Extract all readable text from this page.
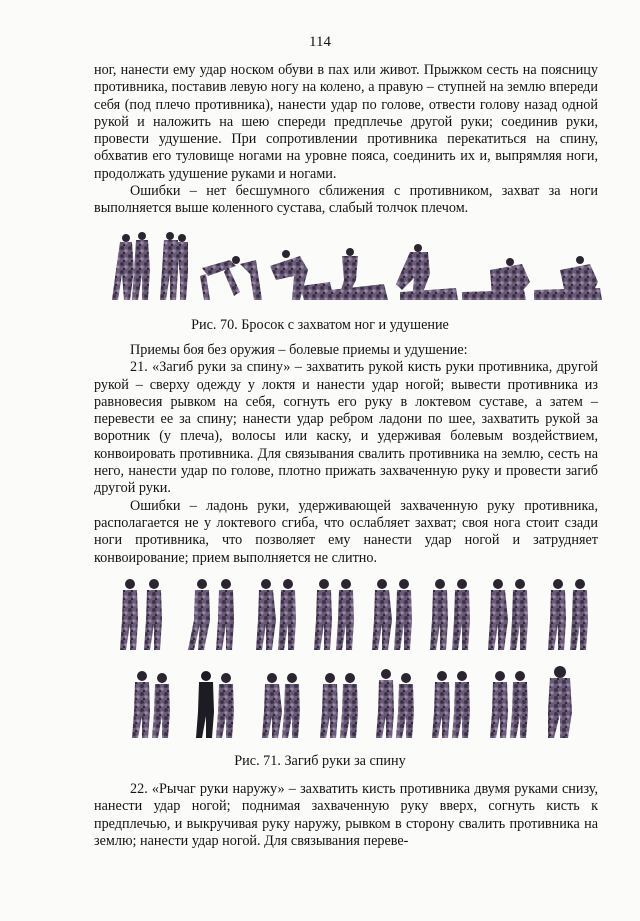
114

ног, нанести ему удар носком обуви в пах или живот. Прыжком сесть на поясницу противника, поставив левую ногу на колено, а правую – ступней на землю впереди себя (под плечо противника), нанести удар по голове, отвести голову назад одной рукой и наложить на шею спереди предплечье другой руки; соединив руки, провести удушение. При сопротивлении противника перекатиться на спину, обхватив его туловище ногами на уровне пояса, соединить их и, выпрямляя ноги, продолжать удушение руками и ногами.

Ошибки – нет бесшумного сближения с противником, захват за ноги выполняется выше коленного сустава, слабый толчок плечом.

Рис. 70. Бросок с захватом ног и удушение

Приемы боя без оружия – болевые приемы и удушение:

21. «Загиб руки за спину» – захватить рукой кисть руки противника, другой рукой – сверху одежду у локтя и нанести удар ногой; вывести противника из равновесия рывком на себя, согнуть его руку в локтевом суставе, а затем – перевести ее за спину; нанести удар ребром ладони по шее, захватить рукой за воротник (у плеча), волосы или каску, и удерживая болевым воздействием, конвоировать противника. Для связывания свалить противника на землю, сесть на него, нанести удар по голове, плотно прижать захваченную руку и провести загиб другой руки.

Ошибки – ладонь руки, удерживающей захваченную руку противника, располагается не у локтевого сгиба, что ослабляет захват; своя нога стоит сзади ноги противника, что позволяет ему нанести удар ногой и затрудняет конвоирование; прием выполняется не слитно.

Рис. 71. Загиб руки за спину

22. «Рычаг руки наружу» – захватить кисть противника двумя руками снизу, нанести удар ногой; поднимая захваченную руку вверх, согнуть кисть к предплечью, и выкручивая руку наружу, рывком в сторону свалить противника на землю; нанести удар ногой. Для связывания переве-
